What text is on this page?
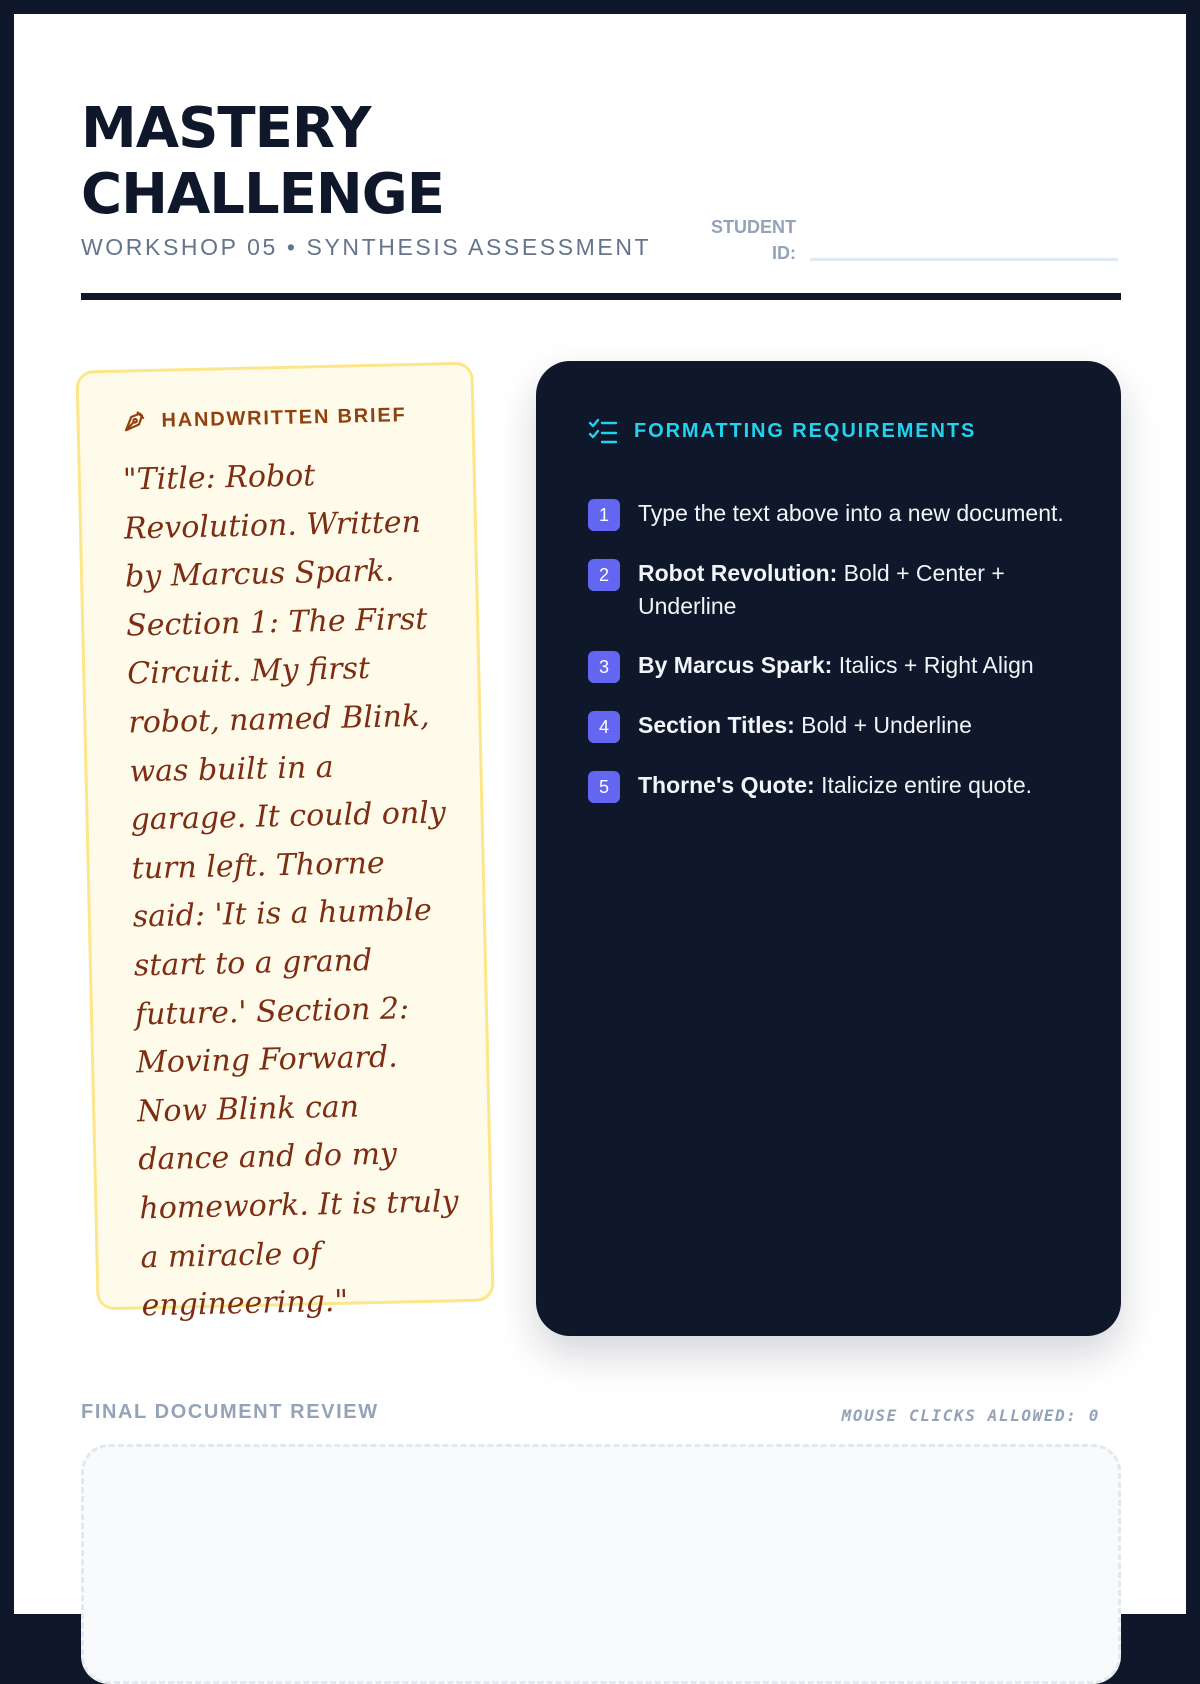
MASTERY CHALLENGE
WORKSHOP 05 • SYNTHESIS ASSESSMENT
STUDENT ID:
HANDWRITTEN BRIEF
"Title: Robot Revolution. Written by Marcus Spark. Section 1: The First Circuit. My first robot, named Blink, was built in a garage. It could only turn left. Thorne said: 'It is a humble start to a grand future.' Section 2: Moving Forward. Now Blink can dance and do my homework. It is truly a miracle of engineering."
FORMATTING REQUIREMENTS
1	Type the text above into a new document.
2	Robot Revolution: Bold + Center + Underline
3	By Marcus Spark: Italics + Right Align
4	Section Titles: Bold + Underline
5	Thorne's Quote: Italicize entire quote.
FINAL DOCUMENT REVIEW	MOUSE CLICKS ALLOWED: 0
